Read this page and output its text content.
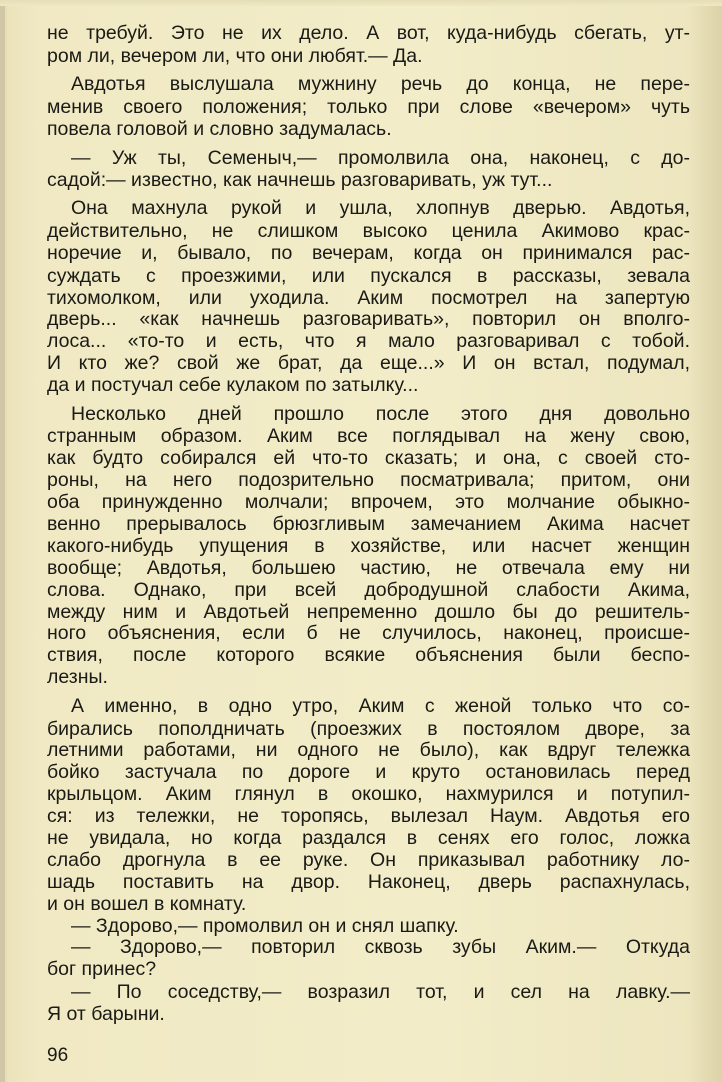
не требуй. Это не их дело. А вот, куда-нибудь сбегать, ут-
ром ли, вечером ли, что они любят.— Да.
Авдотья выслушала мужнину речь до конца, не пере-
менив своего положения; только при слове «вечером» чуть
повела головой и словно задумалась.
— Уж ты, Семеныч,— промолвила она, наконец, с до-
садой:— известно, как начнешь разговаривать, уж тут...
Она махнула рукой и ушла, хлопнув дверью. Авдотья,
действительно, не слишком высоко ценила Акимово крас-
норечие и, бывало, по вечерам, когда он принимался рас-
суждать с проезжими, или пускался в рассказы, зевала
тихомолком, или уходила. Аким посмотрел на запертую
дверь... «как начнешь разговаривать», повторил он вполго-
лоса... «то-то и есть, что я мало разговаривал с тобой.
И кто же? свой же брат, да еще...» И он встал, подумал,
да и постучал себе кулаком по затылку...
Несколько дней прошло после этого дня довольно
странным образом. Аким все поглядывал на жену свою,
как будто собирался ей что-то сказать; и она, с своей сто-
роны, на него подозрительно посматривала; притом, они
оба принужденно молчали; впрочем, это молчание обыкно-
венно прерывалось брюзгливым замечанием Акима насчет
какого-нибудь упущения в хозяйстве, или насчет женщин
вообще; Авдотья, большею частию, не отвечала ему ни
слова. Однако, при всей добродушной слабости Акима,
между ним и Авдотьей непременно дошло бы до решитель-
ного объяснения, если б не случилось, наконец, происше-
ствия, после которого всякие объяснения были беспо-
лезны.
А именно, в одно утро, Аким с женой только что со-
бирались пополдничать (проезжих в постоялом дворе, за
летними работами, ни одного не было), как вдруг тележка
бойко застучала по дороге и круто остановилась перед
крыльцом. Аким глянул в окошко, нахмурился и потупил-
ся: из тележки, не торопясь, вылезал Наум. Авдотья его
не увидала, но когда раздался в сенях его голос, ложка
слабо дрогнула в ее руке. Он приказывал работнику ло-
шадь поставить на двор. Наконец, дверь распахнулась,
и он вошел в комнату.
— Здорово,— промолвил он и снял шапку.
— Здорово,— повторил сквозь зубы Аким.— Откуда
бог принес?
— По соседству,— возразил тот, и сел на лавку.—
Я от барыни.
96
